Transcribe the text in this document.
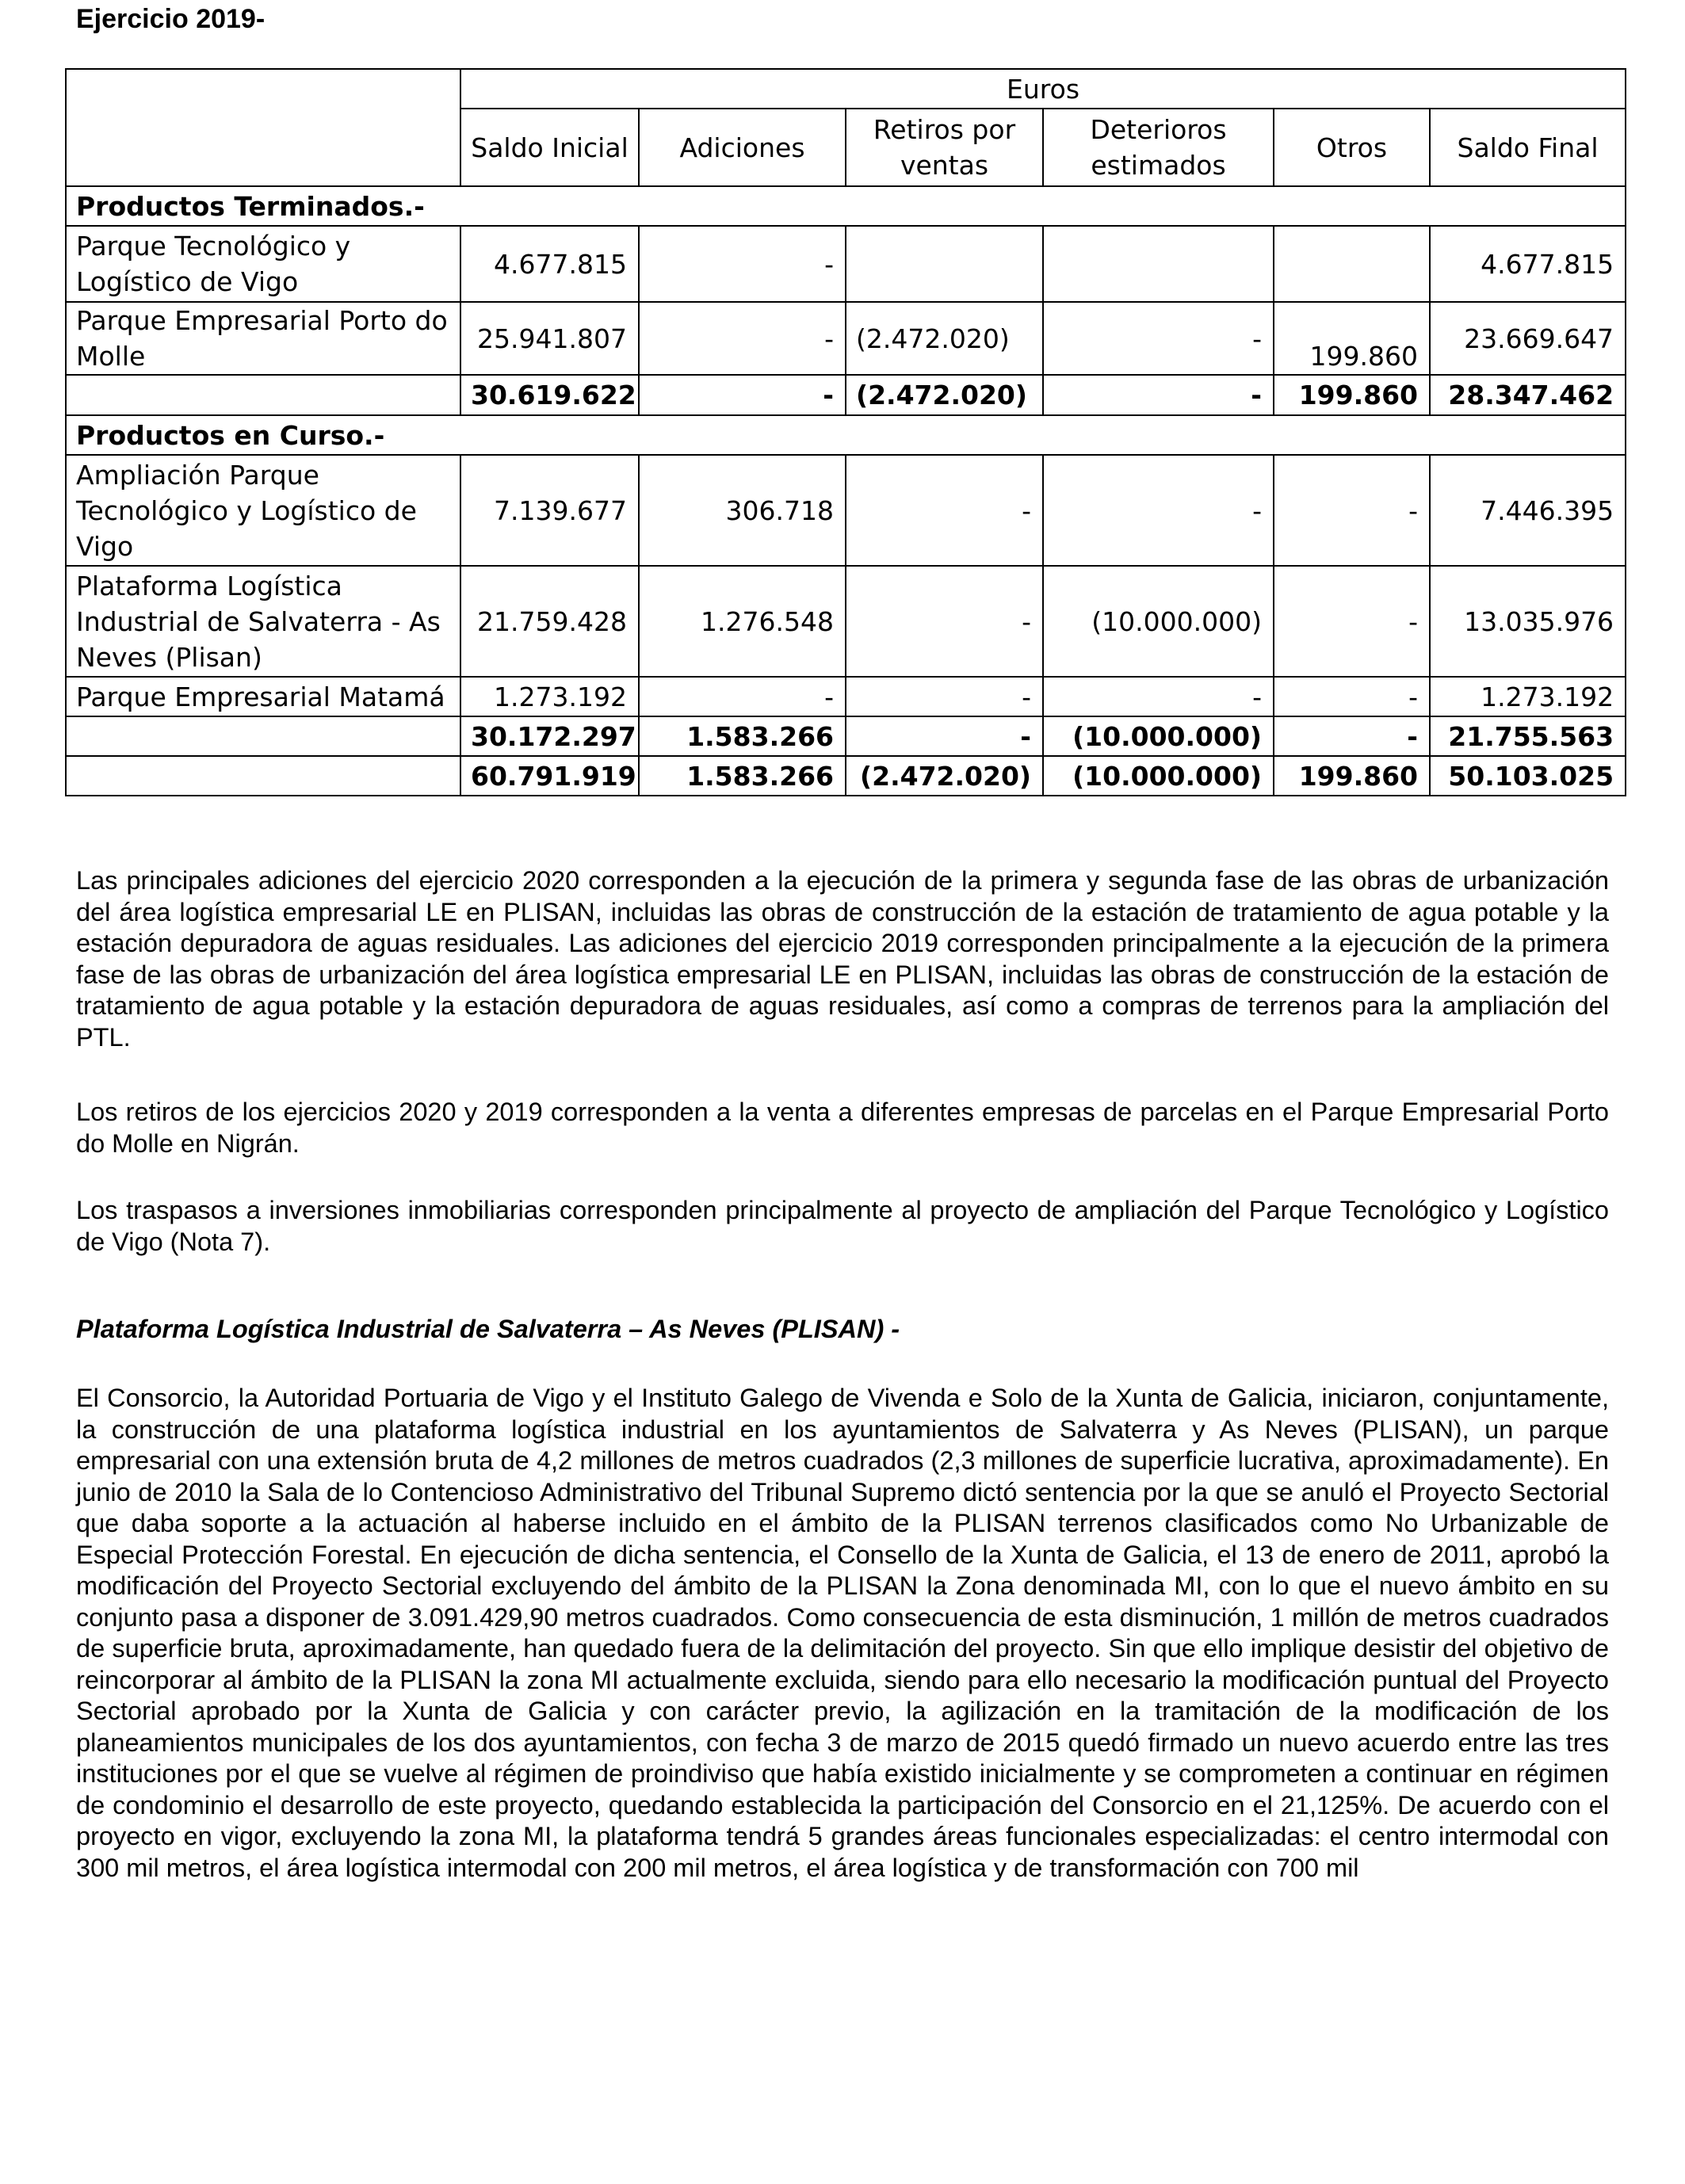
Ejercicio 2019-
	Euros					
	Saldo Inicial	Adiciones	Retiros por ventas	Deterioros estimados	Otros	Saldo Final
Productos Terminados.-						
Parque Tecnológico y Logístico de Vigo	4.677.815	-				4.677.815
Parque Empresarial Porto do Molle	25.941.807	-	(2.472.020)	-	199.860	23.669.647
	30.619.622	-	(2.472.020)	-	199.860	28.347.462
Productos en Curso.-						
Ampliación Parque Tecnológico y Logístico de Vigo	7.139.677	306.718	-	-	-	7.446.395
Plataforma Logística Industrial de Salvaterra - As Neves (Plisan)	21.759.428	1.276.548	-	(10.000.000)	-	13.035.976
Parque Empresarial Matamá	1.273.192	-	-	-	-	1.273.192
	30.172.297	1.583.266	-	(10.000.000)	-	21.755.563
	60.791.919	1.583.266	(2.472.020)	(10.000.000)	199.860	50.103.025

Las principales adiciones del ejercicio 2020 corresponden a la ejecución de la primera y segunda fase de las obras de urbanización del área logística empresarial LE en PLISAN, incluidas las obras de construcción de la estación de tratamiento de agua potable y la estación depuradora de aguas residuales. Las adiciones del ejercicio 2019 corresponden principalmente a la ejecución de la primera fase de las obras de urbanización del área logística empresarial LE en PLISAN, incluidas las obras de construcción de la estación de tratamiento de agua potable y la estación depuradora de aguas residuales, así como a compras de terrenos para la ampliación del PTL.

Los retiros de los ejercicios 2020 y 2019 corresponden a la venta a diferentes empresas de parcelas en el Parque Empresarial Porto do Molle en Nigrán.

Los traspasos a inversiones inmobiliarias corresponden principalmente al proyecto de ampliación del Parque Tecnológico y Logístico de Vigo (Nota 7).

Plataforma Logística Industrial de Salvaterra – As Neves (PLISAN) -

El Consorcio, la Autoridad Portuaria de Vigo y el Instituto Galego de Vivenda e Solo de la Xunta de Galicia, iniciaron, conjuntamente, la construcción de una plataforma logística industrial en los ayuntamientos de Salvaterra y As Neves (PLISAN), un parque empresarial con una extensión bruta de 4,2 millones de metros cuadrados (2,3 millones de superficie lucrativa, aproximadamente). En junio de 2010 la Sala de lo Contencioso Administrativo del Tribunal Supremo dictó sentencia por la que se anuló el Proyecto Sectorial que daba soporte a la actuación al haberse incluido en el ámbito de la PLISAN terrenos clasificados como No Urbanizable de Especial Protección Forestal. En ejecución de dicha sentencia, el Consello de la Xunta de Galicia, el 13 de enero de 2011, aprobó la modificación del Proyecto Sectorial excluyendo del ámbito de la PLISAN la Zona denominada MI, con lo que el nuevo ámbito en su conjunto pasa a disponer de 3.091.429,90 metros cuadrados. Como consecuencia de esta disminución, 1 millón de metros cuadrados de superficie bruta, aproximadamente, han quedado fuera de la delimitación del proyecto. Sin que ello implique desistir del objetivo de reincorporar al ámbito de la PLISAN la zona MI actualmente excluida, siendo para ello necesario la modificación puntual del Proyecto Sectorial aprobado por la Xunta de Galicia y con carácter previo, la agilización en la tramitación de la modificación de los planeamientos municipales de los dos ayuntamientos, con fecha 3 de marzo de 2015 quedó firmado un nuevo acuerdo entre las tres instituciones por el que se vuelve al régimen de proindiviso que había existido inicialmente y se comprometen a continuar en régimen de condominio el desarrollo de este proyecto, quedando establecida la participación del Consorcio en el 21,125%. De acuerdo con el proyecto en vigor, excluyendo la zona MI, la plataforma tendrá 5 grandes áreas funcionales especializadas: el centro intermodal con 300 mil metros, el área logística intermodal con 200 mil metros, el área logística y de transformación con 700 mil
